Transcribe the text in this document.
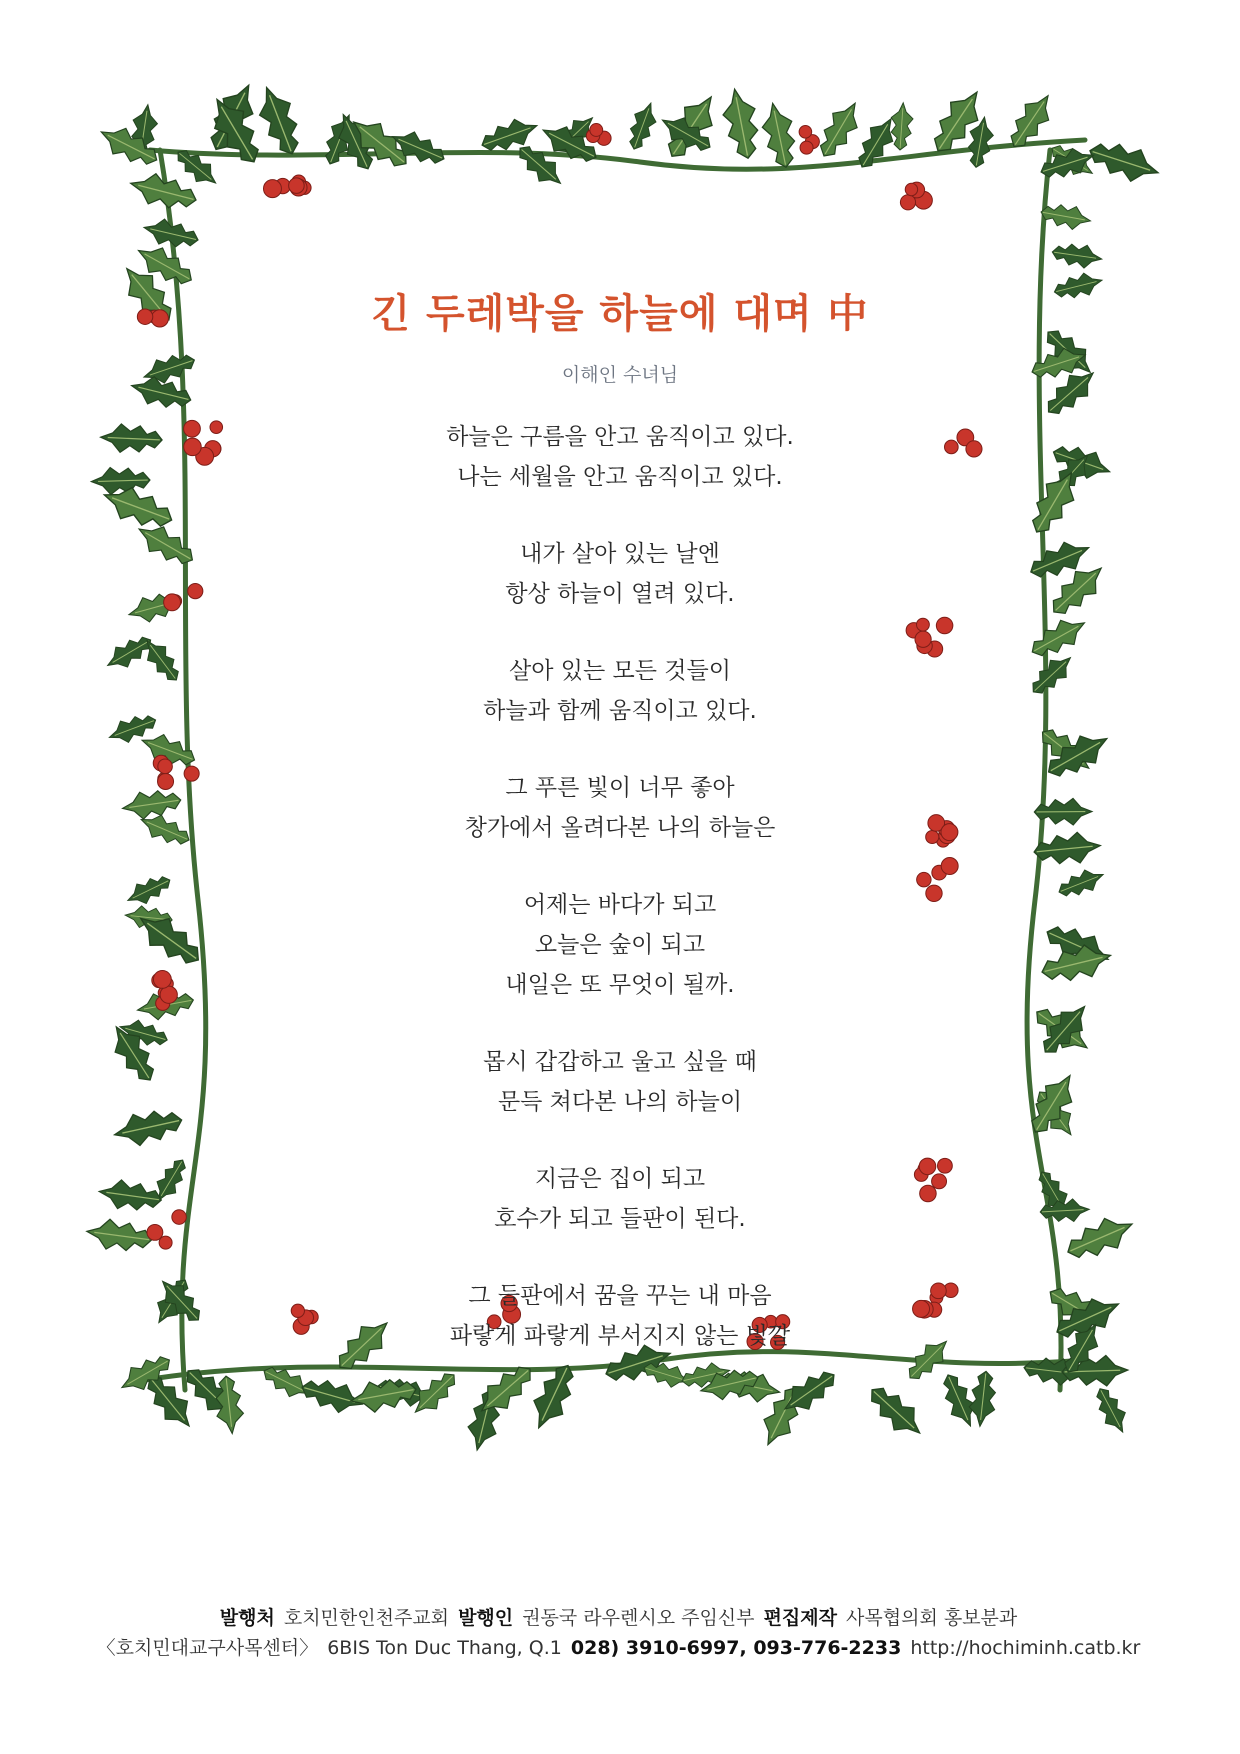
긴 두레박을 하늘에 대며 中
이해인 수녀님
하늘은 구름을 안고 움직이고 있다.
나는 세월을 안고 움직이고 있다.
내가 살아 있는 날엔
항상 하늘이 열려 있다.
살아 있는 모든 것들이
하늘과 함께 움직이고 있다.
그 푸른 빛이 너무 좋아
창가에서 올려다본 나의 하늘은
어제는 바다가 되고
오늘은 숲이 되고
내일은 또 무엇이 될까.
몹시 갑갑하고 울고 싶을 때
문득 쳐다본 나의 하늘이
지금은 집이 되고
호수가 되고 들판이 된다.
그 들판에서 꿈을 꾸는 내 마음
파랗게 파랗게 부서지지 않는 빛깔
발행처 호치민한인천주교회 발행인 권동국 라우렌시오 주임신부 편집제작 사목협의회 홍보분과
〈호치민대교구사목센터〉 6BIS Ton Duc Thang, Q.1 028) 3910-6997, 093-776-2233 http://hochiminh.catb.kr
